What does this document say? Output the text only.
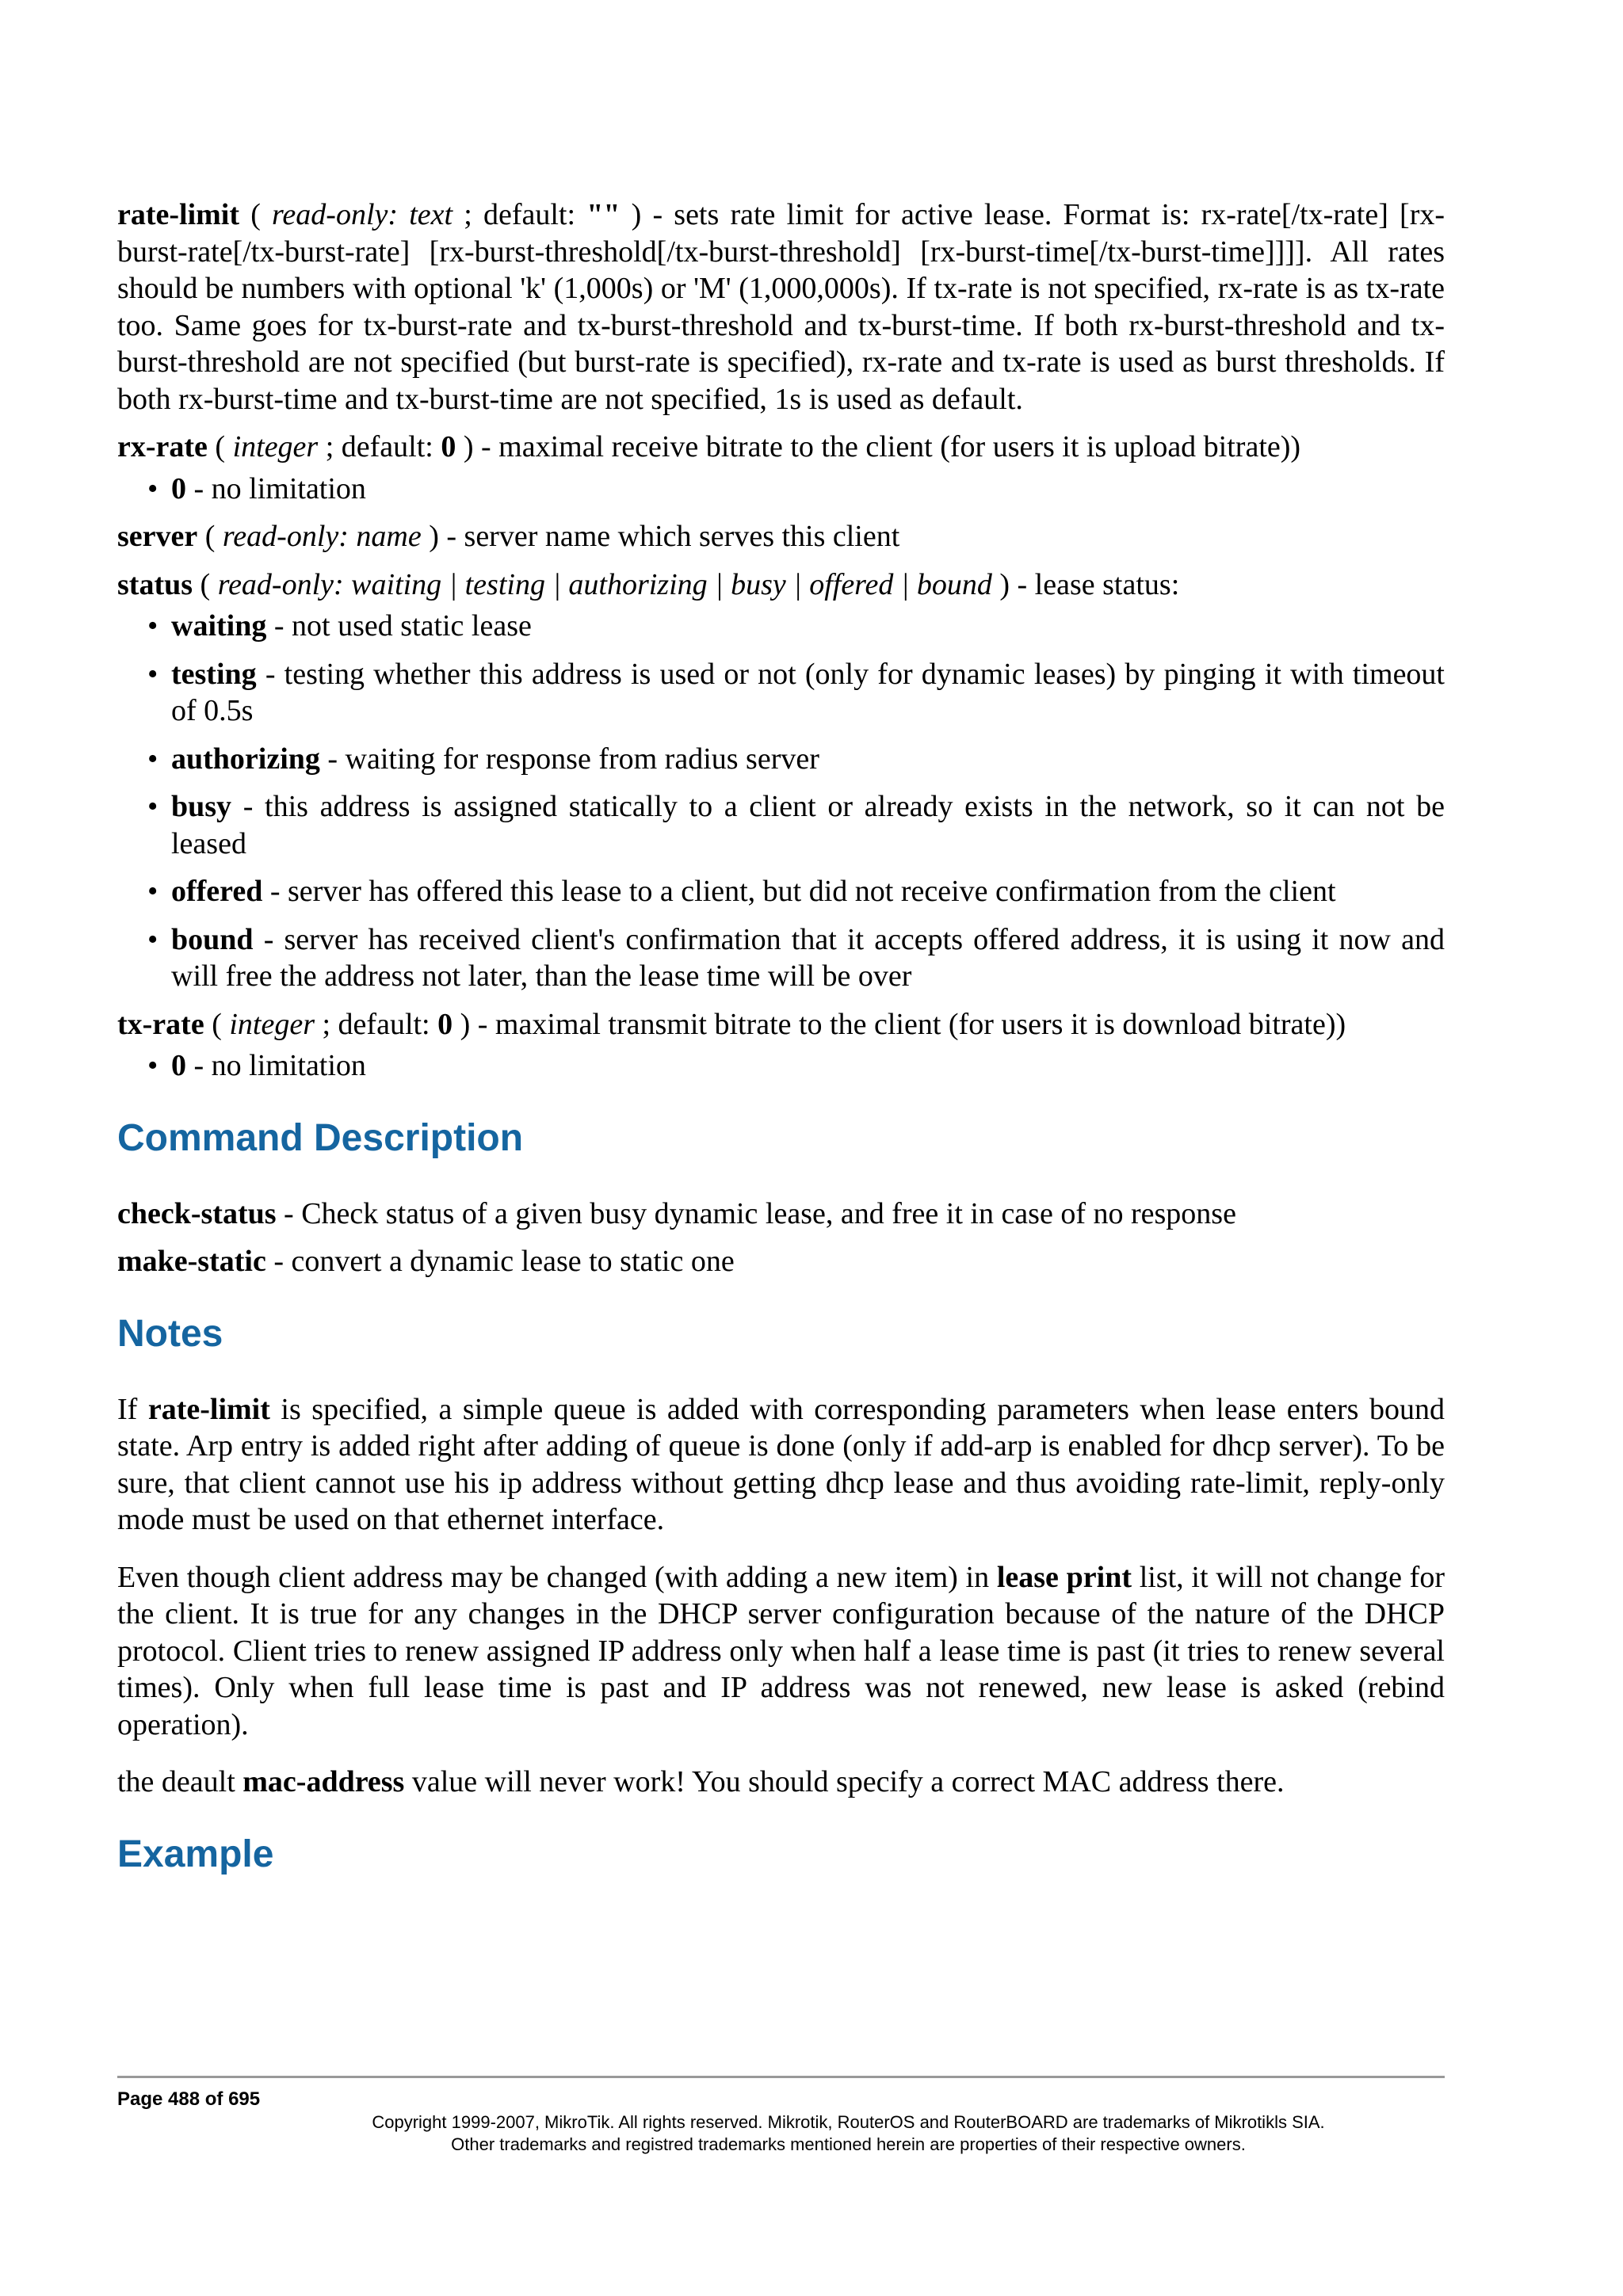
rate-limit ( read-only: text ; default: "" ) - sets rate limit for active lease. Format is: rx-rate[/tx-rate] [rx-burst-rate[/tx-burst-rate] [rx-burst-threshold[/tx-burst-threshold] [rx-burst-time[/tx-burst-time]]]]. All rates should be numbers with optional 'k' (1,000s) or 'M' (1,000,000s). If tx-rate is not specified, rx-rate is as tx-rate too. Same goes for tx-burst-rate and tx-burst-threshold and tx-burst-time. If both rx-burst-threshold and tx-burst-threshold are not specified (but burst-rate is specified), rx-rate and tx-rate is used as burst thresholds. If both rx-burst-time and tx-burst-time are not specified, 1s is used as default.

rx-rate ( integer ; default: 0 ) - maximal receive bitrate to the client (for users it is upload bitrate))

• 0 - no limitation

server ( read-only: name ) - server name which serves this client

status ( read-only: waiting | testing | authorizing | busy | offered | bound ) - lease status:

• waiting - not used static lease
• testing - testing whether this address is used or not (only for dynamic leases) by pinging it with timeout of 0.5s
• authorizing - waiting for response from radius server
• busy - this address is assigned statically to a client or already exists in the network, so it can not be leased
• offered - server has offered this lease to a client, but did not receive confirmation from the client
• bound - server has received client's confirmation that it accepts offered address, it is using it now and will free the address not later, than the lease time will be over

tx-rate ( integer ; default: 0 ) - maximal transmit bitrate to the client (for users it is download bitrate))

• 0 - no limitation
Command Description

check-status - Check status of a given busy dynamic lease, and free it in case of no response

make-static - convert a dynamic lease to static one

Notes

If rate-limit is specified, a simple queue is added with corresponding parameters when lease enters bound state. Arp entry is added right after adding of queue is done (only if add-arp is enabled for dhcp server). To be sure, that client cannot use his ip address without getting dhcp lease and thus avoiding rate-limit, reply-only mode must be used on that ethernet interface.

Even though client address may be changed (with adding a new item) in lease print list, it will not change for the client. It is true for any changes in the DHCP server configuration because of the nature of the DHCP protocol. Client tries to renew assigned IP address only when half a lease time is past (it tries to renew several times). Only when full lease time is past and IP address was not renewed, new lease is asked (rebind operation).

the deault mac-address value will never work! You should specify a correct MAC address there.

Example
Page 488 of 695
Copyright 1999-2007, MikroTik. All rights reserved. Mikrotik, RouterOS and RouterBOARD are trademarks of Mikrotikls SIA.
Other trademarks and registred trademarks mentioned herein are properties of their respective owners.
